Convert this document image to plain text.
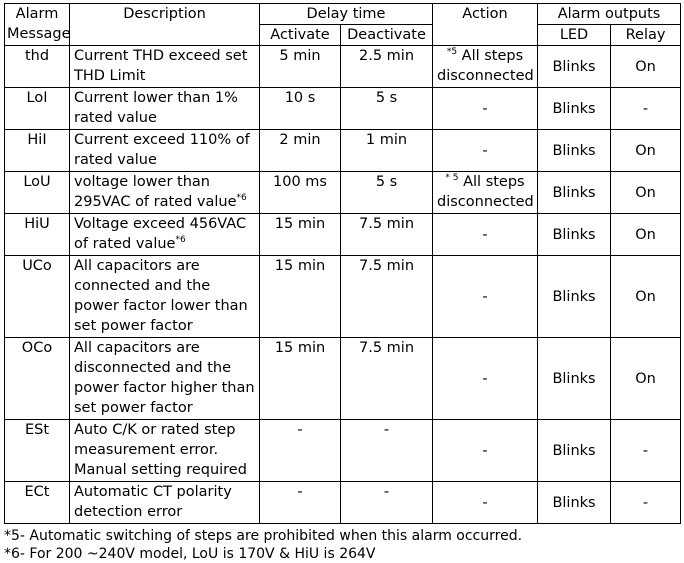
Alarm Message	Description	Delay time		Action	Alarm outputs	
		Activate	Deactivate		LED	Relay
thd	Current THD exceed set THD Limit	5 min	2.5 min	$^{*5}$ All steps disconnected	Blinks	On
LoI	Current lower than 1% rated value	10 s	5 s	-	Blinks	-
HiI	Current exceed 110% of rated value	2 min	1 min	-	Blinks	On
LoU	voltage lower than 295VAC of rated value$^{*6}$	100 ms	5 s	$^{* 5}$ All steps disconnected	Blinks	On
HiU	Voltage exceed 456VAC of rated value$^{*6}$	15 min	7.5 min	-	Blinks	On
UCo	All capacitors are connected and the power factor lower than set power factor	15 min	7.5 min	-	Blinks	On
OCo	All capacitors are disconnected and the power factor higher than set power factor	15 min	7.5 min	-	Blinks	On
ESt	Auto C/K or rated step measurement error. Manual setting required	-	-	-	Blinks	-
ECt	Automatic CT polarity detection error	-	-	-	Blinks	-
*5- Automatic switching of steps are prohibited when this alarm occurred.
*6- For 200 ~240V model, LoU is 170V & HiU is 264V
